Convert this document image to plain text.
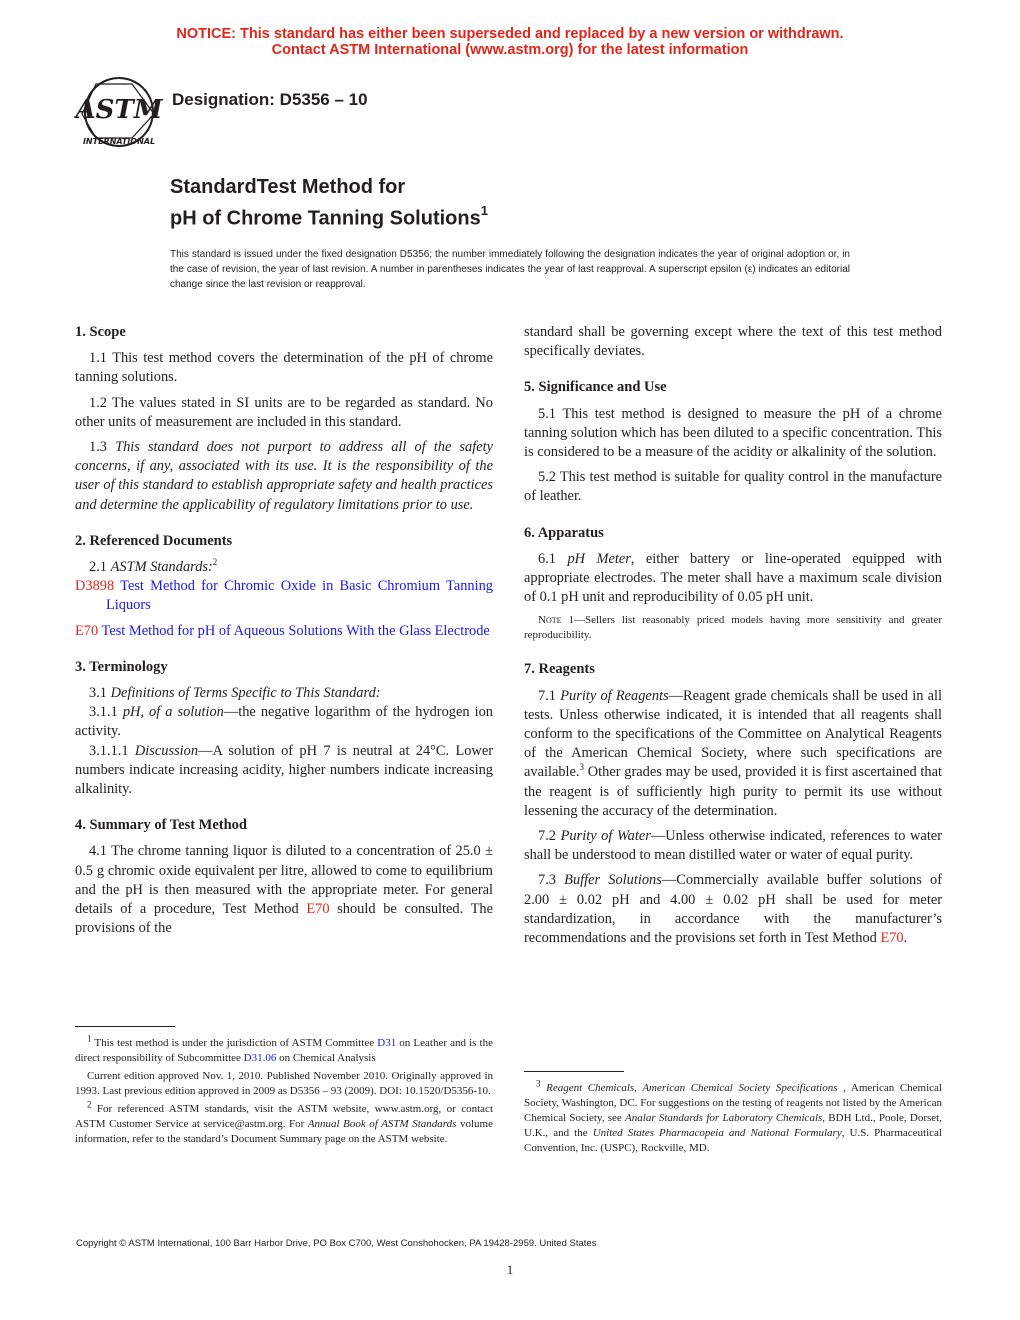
NOTICE: This standard has either been superseded and replaced by a new version or withdrawn.
Contact ASTM International (www.astm.org) for the latest information
ASTM
INTERNATIONAL
Designation: D5356 – 10
StandardTest Method for
pH of Chrome Tanning Solutions$^1$
This standard is issued under the fixed designation D5356; the number immediately following the designation indicates the year of original adoption or, in the case of revision, the year of last revision. A number in parentheses indicates the year of last reapproval. A superscript epsilon (ε) indicates an editorial change since the last revision or reapproval.
1. Scope

1.1 This test method covers the determination of the pH of chrome tanning solutions.

1.2 The values stated in SI units are to be regarded as standard. No other units of measurement are included in this standard.

1.3 This standard does not purport to address all of the safety concerns, if any, associated with its use. It is the responsibility of the user of this standard to establish appropriate safety and health practices and determine the applicability of regulatory limitations prior to use.

2. Referenced Documents

2.1 ASTM Standards:$^2$

D3898 Test Method for Chromic Oxide in Basic Chromium Tanning Liquors

E70 Test Method for pH of Aqueous Solutions With the Glass Electrode

3. Terminology

3.1 Definitions of Terms Specific to This Standard:

3.1.1 pH, of a solution—the negative logarithm of the hydrogen ion activity.

3.1.1.1 Discussion—A solution of pH 7 is neutral at 24°C. Lower numbers indicate increasing acidity, higher numbers indicate increasing alkalinity.

4. Summary of Test Method

4.1 The chrome tanning liquor is diluted to a concentration of 25.0 ± 0.5 g chromic oxide equivalent per litre, allowed to come to equilibrium and the pH is then measured with the appropriate meter. For general details of a procedure, Test Method E70 should be consulted. The provisions of the

standard shall be governing except where the text of this test method specifically deviates.

5. Significance and Use

5.1 This test method is designed to measure the pH of a chrome tanning solution which has been diluted to a specific concentration. This is considered to be a measure of the acidity or alkalinity of the solution.

5.2 This test method is suitable for quality control in the manufacture of leather.

6. Apparatus

6.1 pH Meter, either battery or line-operated equipped with appropriate electrodes. The meter shall have a maximum scale division of 0.1 pH unit and reproducibility of 0.05 pH unit.

Note 1—Sellers list reasonably priced models having more sensitivity and greater reproducibility.

7. Reagents

7.1 Purity of Reagents—Reagent grade chemicals shall be used in all tests. Unless otherwise indicated, it is intended that all reagents shall conform to the specifications of the Committee on Analytical Reagents of the American Chemical Society, where such specifications are available.$^3$ Other grades may be used, provided it is first ascertained that the reagent is of sufficiently high purity to permit its use without lessening the accuracy of the determination.

7.2 Purity of Water—Unless otherwise indicated, references to water shall be understood to mean distilled water or water of equal purity.

7.3 Buffer Solutions—Commercially available buffer solutions of 2.00 ± 0.02 pH and 4.00 ± 0.02 pH shall be used for meter standardization, in accordance with the manufacturer’s recommendations and the provisions set forth in Test Method E70.

$^1$ This test method is under the jurisdiction of ASTM Committee D31 on Leather and is the direct responsibility of Subcommittee D31.06 on Chemical Analysis

Current edition approved Nov. 1, 2010. Published November 2010. Originally approved in 1993. Last previous edition approved in 2009 as D5356 – 93 (2009). DOI: 10.1520/D5356-10.

$^2$ For referenced ASTM standards, visit the ASTM website, www.astm.org, or contact ASTM Customer Service at service@astm.org. For Annual Book of ASTM Standards volume information, refer to the standard’s Document Summary page on the ASTM website.

$^3$ Reagent Chemicals, American Chemical Society Specifications , American Chemical Society, Washington, DC. For suggestions on the testing of reagents not listed by the American Chemical Society, see Analar Standards for Laboratory Chemicals, BDH Ltd., Poole, Dorset, U.K., and the United States Pharmacopeia and National Formulary, U.S. Pharmaceutical Convention, Inc. (USPC), Rockville, MD.

Copyright © ASTM International, 100 Barr Harbor Drive, PO Box C700, West Conshohocken, PA 19428-2959. United States
1
